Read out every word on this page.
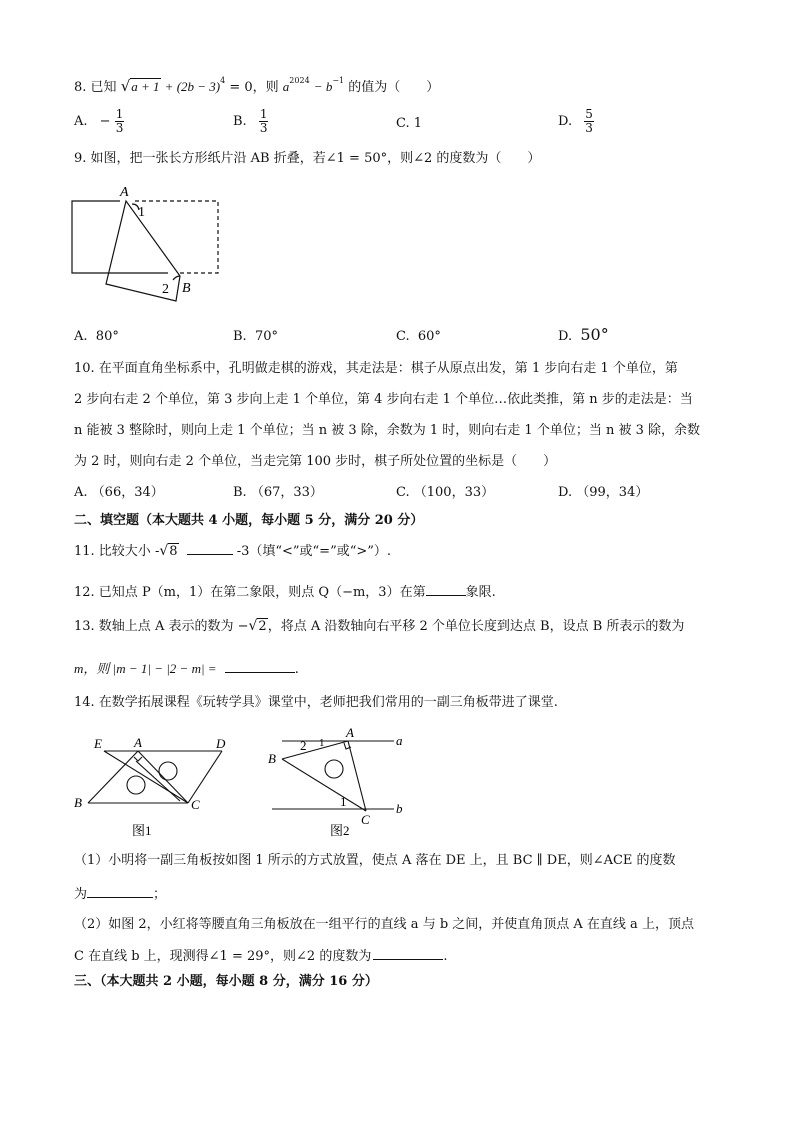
8. 已知 $√a + 1 + (2b - 3)^4 = 0$，则 $a^{2024} - b^{-1}$ 的值为（　　）
A. − $\frac{1}{3}$	B. $\frac{1}{3}$	C. 1	D. $\frac{5}{3}$
9. 如图，把一张长方形纸片沿 AB 折叠，若∠1 = 50°，则∠2 的度数为（　　）
A
1
2 B
A. 80°	B. 70°	C. 60°	D. 50°
10. 在平面直角坐标系中，孔明做走棋的游戏，其走法是：棋子从原点出发，第 1 步向右走 1 个单位，第
2 步向右走 2 个单位，第 3 步向上走 1 个单位，第 4 步向右走 1 个单位…依此类推，第 n 步的走法是：当
n 能被 3 整除时，则向上走 1 个单位；当 n 被 3 除，余数为 1 时，则向右走 1 个单位；当 n 被 3 除，余数
为 2 时，则向右走 2 个单位，当走完第 100 步时，棋子所处位置的坐标是（　　）
A. （66，34）	B. （67，33）	C. （100，33）	D. （99，34）
二、填空题（本大题共 4 小题，每小题 5 分，满分 20 分）
11. 比较大小 -√8	-3（填“<”或“=”或“>”）.
12. 已知点 P（m，1）在第二象限，则点 Q（−m，3）在第	象限.
13. 数轴上点 A 表示的数为 −√2，将点 A 沿数轴向右平移 2 个单位长度到达点 B，设点 B 所表示的数为
m，则 |m − 1| − |2 − m| =	.
14. 在数学拓展课程《玩转学具》课堂中，老师把我们常用的一副三角板带进了课堂.
E A	D
B	C
图1
2 1
A
a
B
1	b
C
图2
（1）小明将一副三角板按如图 1 所示的方式放置，使点 A 落在 DE 上，且 BC ∥ DE，则∠ACE 的度数
为	；
（2）如图 2，小红将等腰直角三角板放在一组平行的直线 a 与 b 之间，并使直角顶点 A 在直线 a 上，顶点
C 在直线 b 上，现测得∠1 = 29°，则∠2 的度数为	.
三、（本大题共 2 小题，每小题 8 分，满分 16 分）
